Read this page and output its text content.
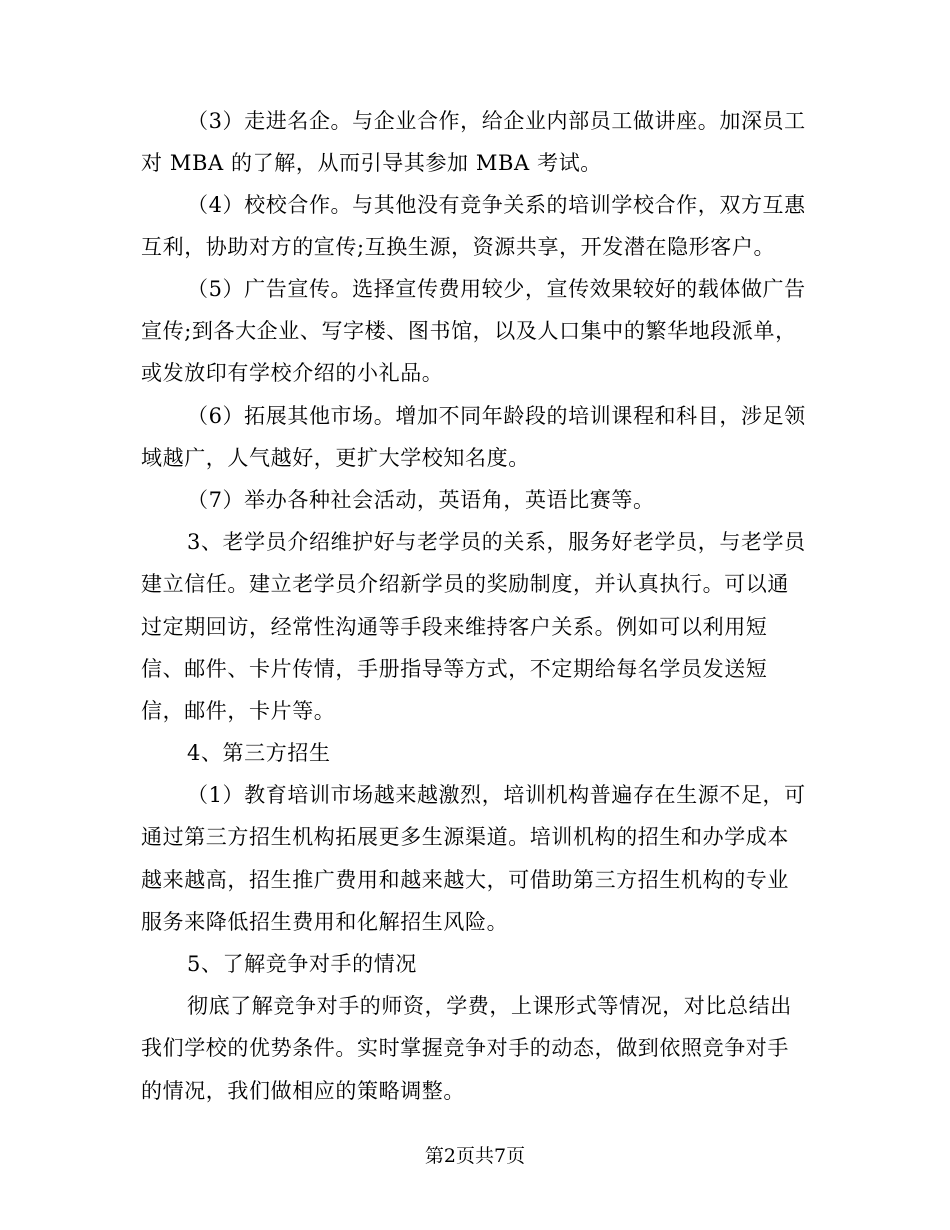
（3）走进名企。与企业合作，给企业内部员工做讲座。加深员工
对 MBA 的了解，从而引导其参加 MBA 考试。
（4）校校合作。与其他没有竞争关系的培训学校合作，双方互惠
互利，协助对方的宣传;互换生源，资源共享，开发潜在隐形客户。
（5）广告宣传。选择宣传费用较少，宣传效果较好的载体做广告
宣传;到各大企业、写字楼、图书馆，以及人口集中的繁华地段派单，
或发放印有学校介绍的小礼品。
（6）拓展其他市场。增加不同年龄段的培训课程和科目，涉足领
域越广，人气越好，更扩大学校知名度。
（7）举办各种社会活动，英语角，英语比赛等。
3、老学员介绍维护好与老学员的关系，服务好老学员，与老学员
建立信任。建立老学员介绍新学员的奖励制度，并认真执行。可以通
过定期回访，经常性沟通等手段来维持客户关系。例如可以利用短
信、邮件、卡片传情，手册指导等方式，不定期给每名学员发送短
信，邮件，卡片等。
4、第三方招生
（1）教育培训市场越来越激烈，培训机构普遍存在生源不足，可
通过第三方招生机构拓展更多生源渠道。培训机构的招生和办学成本
越来越高，招生推广费用和越来越大，可借助第三方招生机构的专业
服务来降低招生费用和化解招生风险。
5、了解竞争对手的情况
彻底了解竞争对手的师资，学费，上课形式等情况，对比总结出
我们学校的优势条件。实时掌握竞争对手的动态，做到依照竞争对手
的情况，我们做相应的策略调整。
第2页共7页
